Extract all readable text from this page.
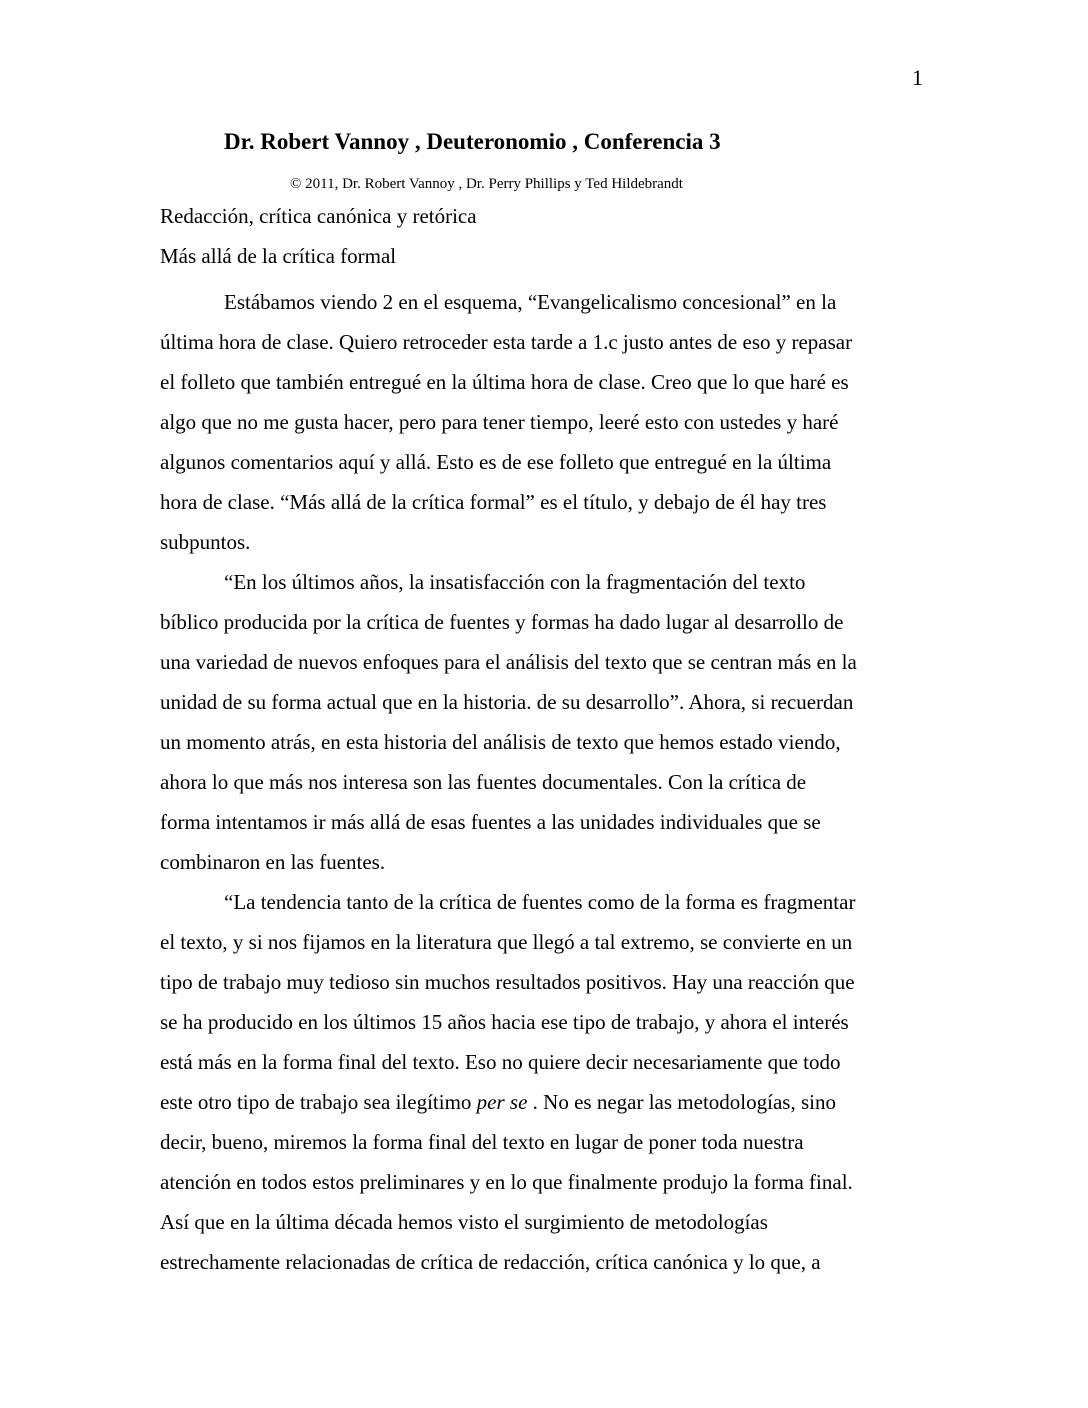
1
Dr. Robert Vannoy , Deuteronomio , Conferencia 3
© 2011, Dr. Robert Vannoy , Dr. Perry Phillips y Ted Hildebrandt
Redacción, crítica canónica y retórica
Más allá de la crítica formal
Estábamos viendo 2 en el esquema, “Evangelicalismo concesional” en la
última hora de clase. Quiero retroceder esta tarde a 1.c justo antes de eso y repasar
el folleto que también entregué en la última hora de clase. Creo que lo que haré es
algo que no me gusta hacer, pero para tener tiempo, leeré esto con ustedes y haré
algunos comentarios aquí y allá. Esto es de ese folleto que entregué en la última
hora de clase. “Más allá de la crítica formal” es el título, y debajo de él hay tres
subpuntos.
“En los últimos años, la insatisfacción con la fragmentación del texto
bíblico producida por la crítica de fuentes y formas ha dado lugar al desarrollo de
una variedad de nuevos enfoques para el análisis del texto que se centran más en la
unidad de su forma actual que en la historia. de su desarrollo”. Ahora, si recuerdan
un momento atrás, en esta historia del análisis de texto que hemos estado viendo,
ahora lo que más nos interesa son las fuentes documentales. Con la crítica de
forma intentamos ir más allá de esas fuentes a las unidades individuales que se
combinaron en las fuentes.
“La tendencia tanto de la crítica de fuentes como de la forma es fragmentar
el texto, y si nos fijamos en la literatura que llegó a tal extremo, se convierte en un
tipo de trabajo muy tedioso sin muchos resultados positivos. Hay una reacción que
se ha producido en los últimos 15 años hacia ese tipo de trabajo, y ahora el interés
está más en la forma final del texto. Eso no quiere decir necesariamente que todo
este otro tipo de trabajo sea ilegítimo per se . No es negar las metodologías, sino
decir, bueno, miremos la forma final del texto en lugar de poner toda nuestra
atención en todos estos preliminares y en lo que finalmente produjo la forma final.
Así que en la última década hemos visto el surgimiento de metodologías
estrechamente relacionadas de crítica de redacción, crítica canónica y lo que, a
